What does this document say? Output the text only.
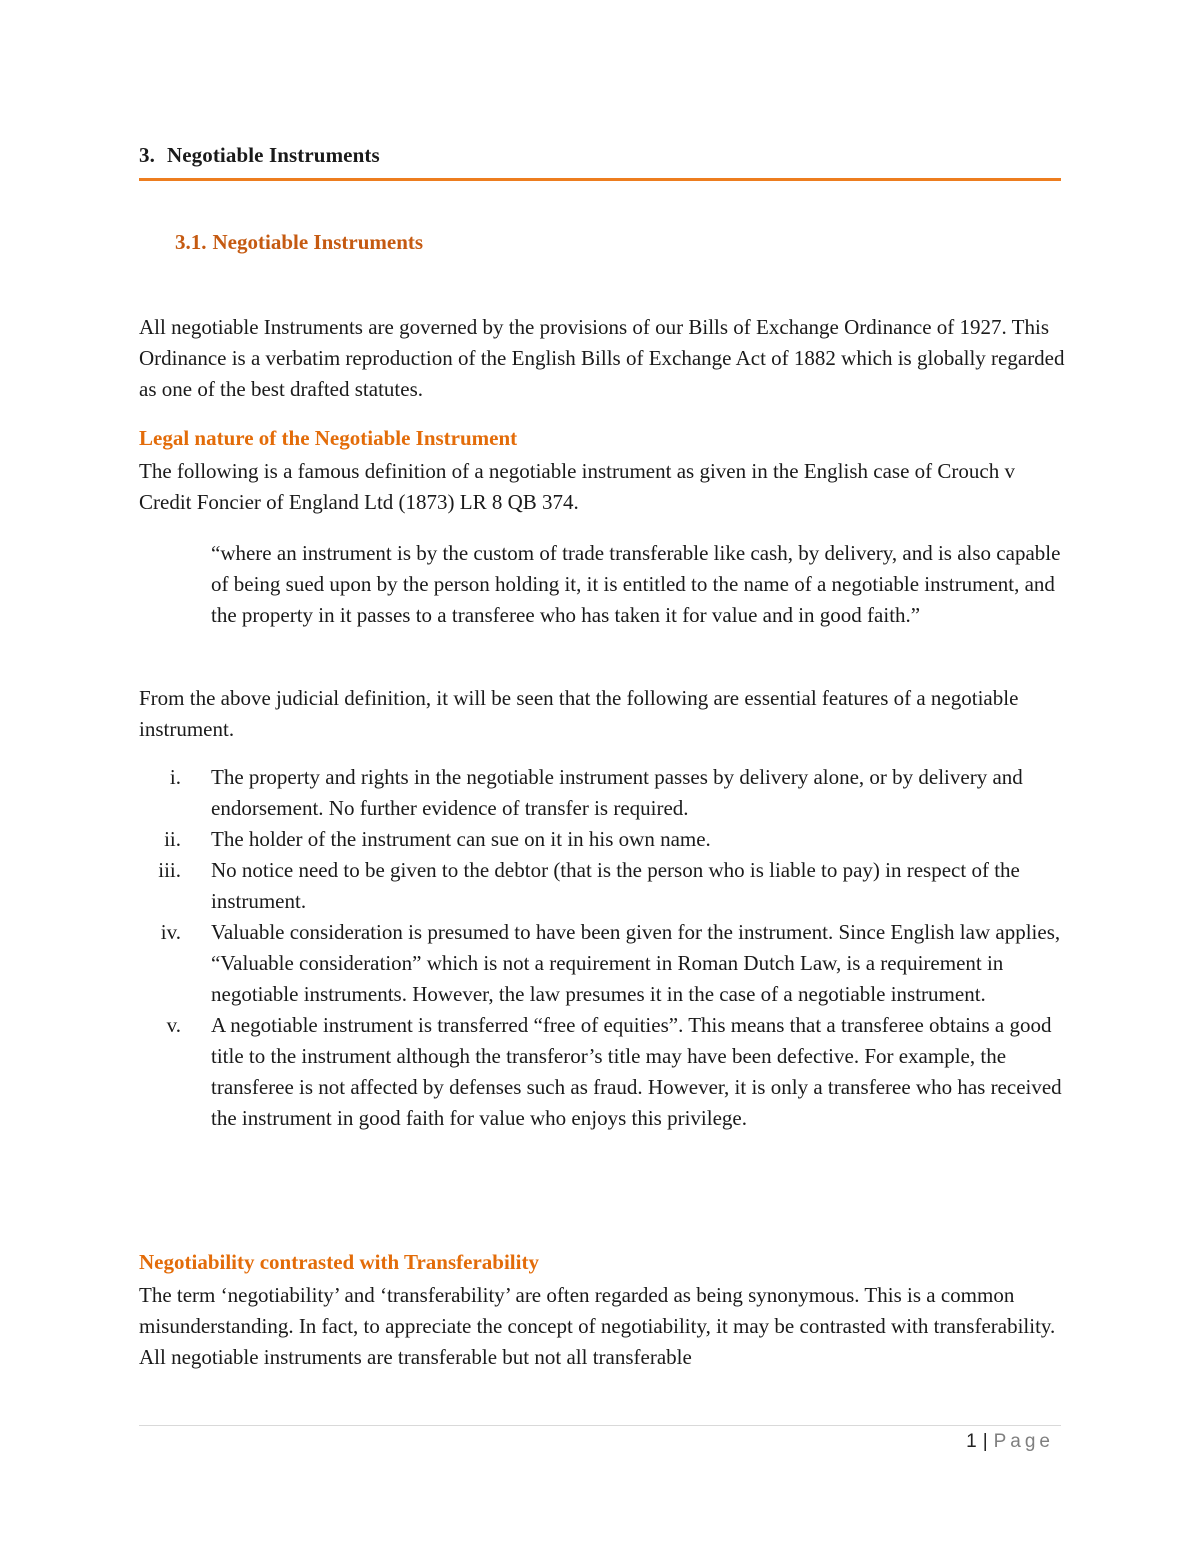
3. Negotiable Instruments
3.1. Negotiable Instruments

All negotiable Instruments are governed by the provisions of our Bills of Exchange Ordinance of 1927. This Ordinance is a verbatim reproduction of the English Bills of Exchange Act of 1882 which is globally regarded as one of the best drafted statutes.

Legal nature of the Negotiable Instrument

The following is a famous definition of a negotiable instrument as given in the English case of Crouch v Credit Foncier of England Ltd (1873) LR 8 QB 374.

“where an instrument is by the custom of trade transferable like cash, by delivery, and is also capable of being sued upon by the person holding it, it is entitled to the name of a negotiable instrument, and the property in it passes to a transferee who has taken it for value and in good faith.”

From the above judicial definition, it will be seen that the following are essential features of a negotiable instrument.

i. The property and rights in the negotiable instrument passes by delivery alone, or by delivery and endorsement. No further evidence of transfer is required.
ii. The holder of the instrument can sue on it in his own name.
iii. No notice need to be given to the debtor (that is the person who is liable to pay) in respect of the instrument.
iv. Valuable consideration is presumed to have been given for the instrument. Since English law applies, “Valuable consideration” which is not a requirement in Roman Dutch Law, is a requirement in negotiable instruments. However, the law presumes it in the case of a negotiable instrument.
v. A negotiable instrument is transferred “free of equities”. This means that a transferee obtains a good title to the instrument although the transferor’s title may have been defective. For example, the transferee is not affected by defenses such as fraud. However, it is only a transferee who has received the instrument in good faith for value who enjoys this privilege.
Negotiability contrasted with Transferability

The term ‘negotiability’ and ‘transferability’ are often regarded as being synonymous. This is a common misunderstanding. In fact, to appreciate the concept of negotiability, it may be contrasted with transferability. All negotiable instruments are transferable but not all transferable

1 | Page
